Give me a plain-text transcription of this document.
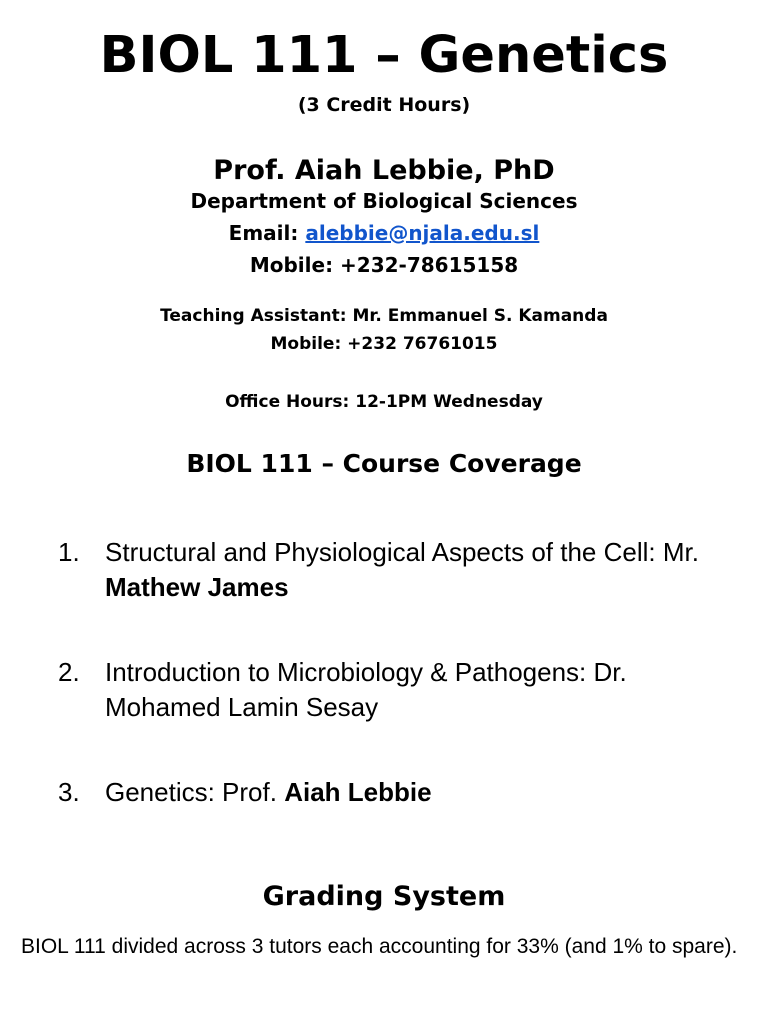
BIOL 111 – Genetics
(3 Credit Hours)
Prof. Aiah Lebbie, PhD
Department of Biological Sciences
Email: alebbie@njala.edu.sl
Mobile: +232-78615158
Teaching Assistant: Mr. Emmanuel S. Kamanda
Mobile: +232 76761015
Office Hours: 12-1PM Wednesday
BIOL 111 – Course Coverage
1. Structural and Physiological Aspects of the Cell: Mr. Mathew James
2. Introduction to Microbiology & Pathogens: Dr. Mohamed Lamin Sesay
3. Genetics: Prof. Aiah Lebbie
Grading System
BIOL 111 divided across 3 tutors each accounting for 33% (and 1% to spare).
